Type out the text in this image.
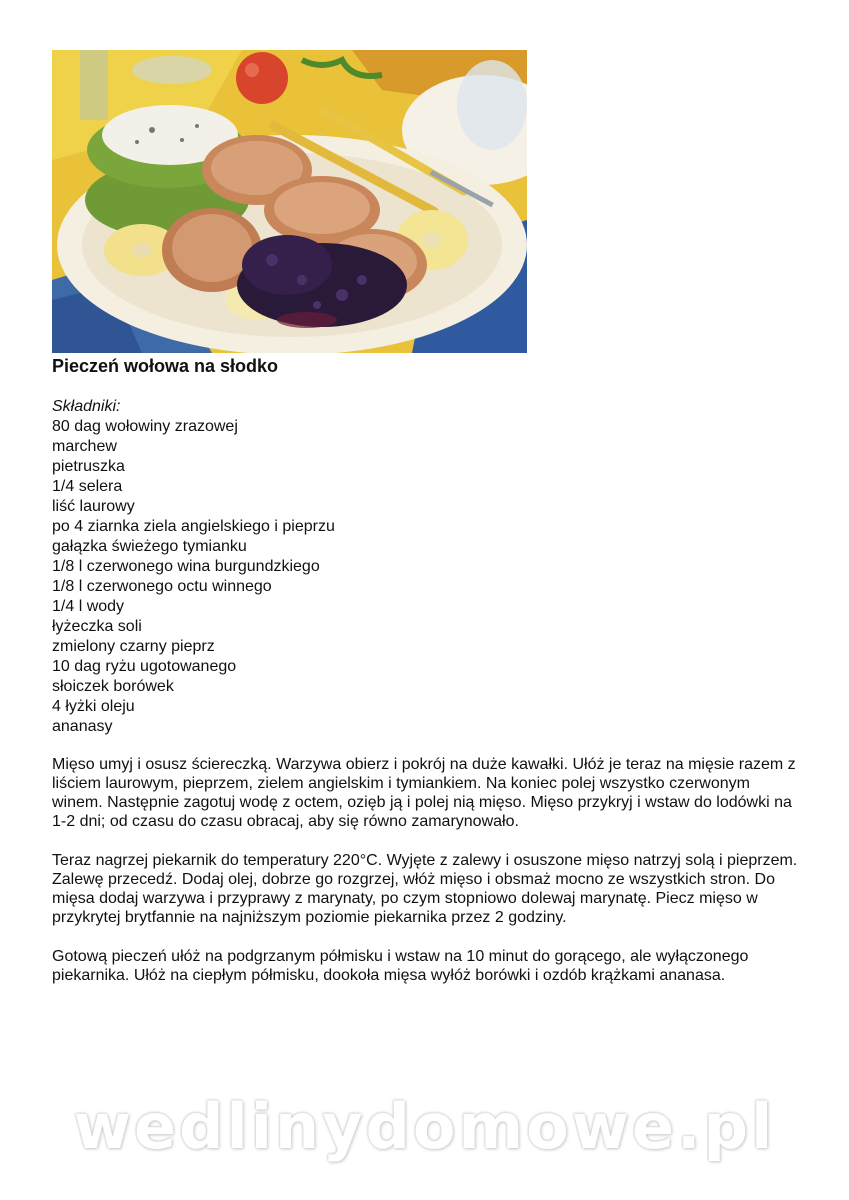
Pieczeń wołowa na słodko
Składniki:
80 dag wołowiny zrazowej
marchew
pietruszka
1/4 selera
liść laurowy
po 4 ziarnka ziela angielskiego i pieprzu
gałązka świeżego tymianku
1/8 l czerwonego wina burgundzkiego
1/8 l czerwonego octu winnego
1/4 l wody
łyżeczka soli
zmielony czarny pieprz
10 dag ryżu ugotowanego
słoiczek borówek
4 łyżki oleju
ananasy

Mięso umyj i osusz ściereczką. Warzywa obierz i pokrój na duże kawałki. Ułóż je teraz na mięsie razem z liściem laurowym, pieprzem, zielem angielskim i tymiankiem. Na koniec polej wszystko czerwonym winem. Następnie zagotuj wodę z octem, ozięb ją i polej nią mięso. Mięso przykryj i wstaw do lodówki na 1-2 dni; od czasu do czasu obracaj, aby się równo zamarynowało.

Teraz nagrzej piekarnik do temperatury 220°C. Wyjęte z zalewy i osuszone mięso natrzyj solą i pieprzem. Zalewę przecedź. Dodaj olej, dobrze go rozgrzej, włóż mięso i obsmaż mocno ze wszystkich stron. Do mięsa dodaj warzywa i przyprawy z marynaty, po czym stopniowo dolewaj marynatę. Piecz mięso w przykrytej brytfannie na najniższym poziomie piekarnika przez 2 godziny.

Gotową pieczeń ułóż na podgrzanym półmisku i wstaw na 10 minut do gorącego, ale wyłączonego piekarnika. Ułóż na ciepłym półmisku, dookoła mięsa wyłóż borówki i ozdób krążkami ananasa.

wedlinydomowe.pl
